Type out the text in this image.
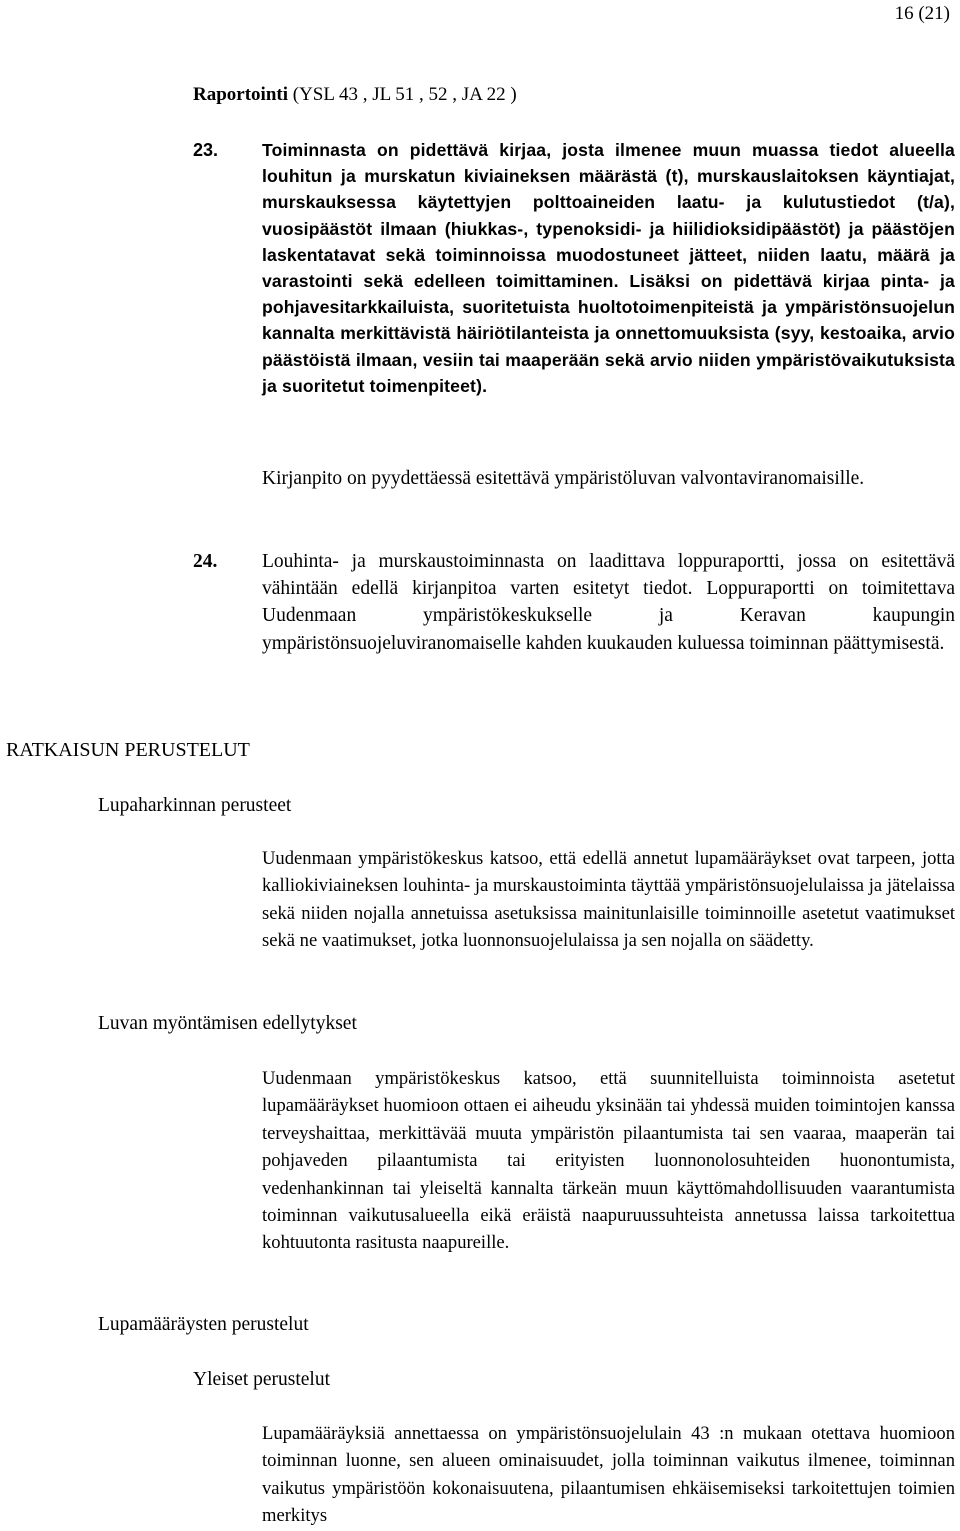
16 (21)
Raportointi (YSL 43 , JL 51 , 52 , JA 22 )
23. Toiminnasta on pidettävä kirjaa, josta ilmenee muun muassa tiedot alueella louhitun ja murskatun kiviaineksen määrästä (t), murskauslaitoksen käyntiajat, murskauksessa käytettyjen polttoaineiden laatu- ja kulutustiedot (t/a), vuosipäästöt ilmaan (hiukkas-, typenoksidi- ja hiilidioksidipäästöt) ja päästöjen laskentatavat sekä toiminnoissa muodostuneet jätteet, niiden laatu, määrä ja varastointi sekä edelleen toimittaminen. Lisäksi on pidettävä kirjaa pinta- ja pohjavesitarkkailuista, suoritetuista huoltotoimenpiteistä ja ympäristönsuojelun kannalta merkittävistä häiriötilanteista ja onnettomuuksista (syy, kestoaika, arvio päästöistä ilmaan, vesiin tai maaperään sekä arvio niiden ympäristövaikutuksista ja suoritetut toimenpiteet).

Kirjanpito on pyydettäessä esitettävä ympäristöluvan valvontaviranomaisille.

24. Louhinta- ja murskaustoiminnasta on laadittava loppuraportti, jossa on esitettävä vähintään edellä kirjanpitoa varten esitetyt tiedot. Loppuraportti on toimitettava Uudenmaan ympäristökeskukselle ja Keravan kaupungin ympäristönsuojeluviranomaiselle kahden kuukauden kuluessa toiminnan päättymisestä.

RATKAISUN PERUSTELUT
Lupaharkinnan perusteet

Uudenmaan ympäristökeskus katsoo, että edellä annetut lupamääräykset ovat tarpeen, jotta kalliokiviaineksen louhinta- ja murskaustoiminta täyttää ympäristönsuojelulaissa ja jätelaissa sekä niiden nojalla annetuissa asetuksissa mainitunlaisille toiminnoille asetetut vaatimukset sekä ne vaatimukset, jotka luonnonsuojelulaissa ja sen nojalla on säädetty.

Luvan myöntämisen edellytykset

Uudenmaan ympäristökeskus katsoo, että suunnitelluista toiminnoista asetetut lupamääräykset huomioon ottaen ei aiheudu yksinään tai yhdessä muiden toimintojen kanssa terveyshaittaa, merkittävää muuta ympäristön pilaantumista tai sen vaaraa, maaperän tai pohjaveden pilaantumista tai erityisten luonnonolosuhteiden huonontumista, vedenhankinnan tai yleiseltä kannalta tärkeän muun käyttömahdollisuuden vaarantumista toiminnan vaikutusalueella eikä eräistä naapuruussuhteista annetussa laissa tarkoitettua kohtuutonta rasitusta naapureille.

Lupamääräysten perustelut
Yleiset perustelut

Lupamääräyksiä annettaessa on ympäristönsuojelulain 43 :n mukaan otettava huomioon toiminnan luonne, sen alueen ominaisuudet, jolla toiminnan vaikutus ilmenee, toiminnan vaikutus ympäristöön kokonaisuutena, pilaantumisen ehkäisemiseksi tarkoitettujen toimien merkitys
